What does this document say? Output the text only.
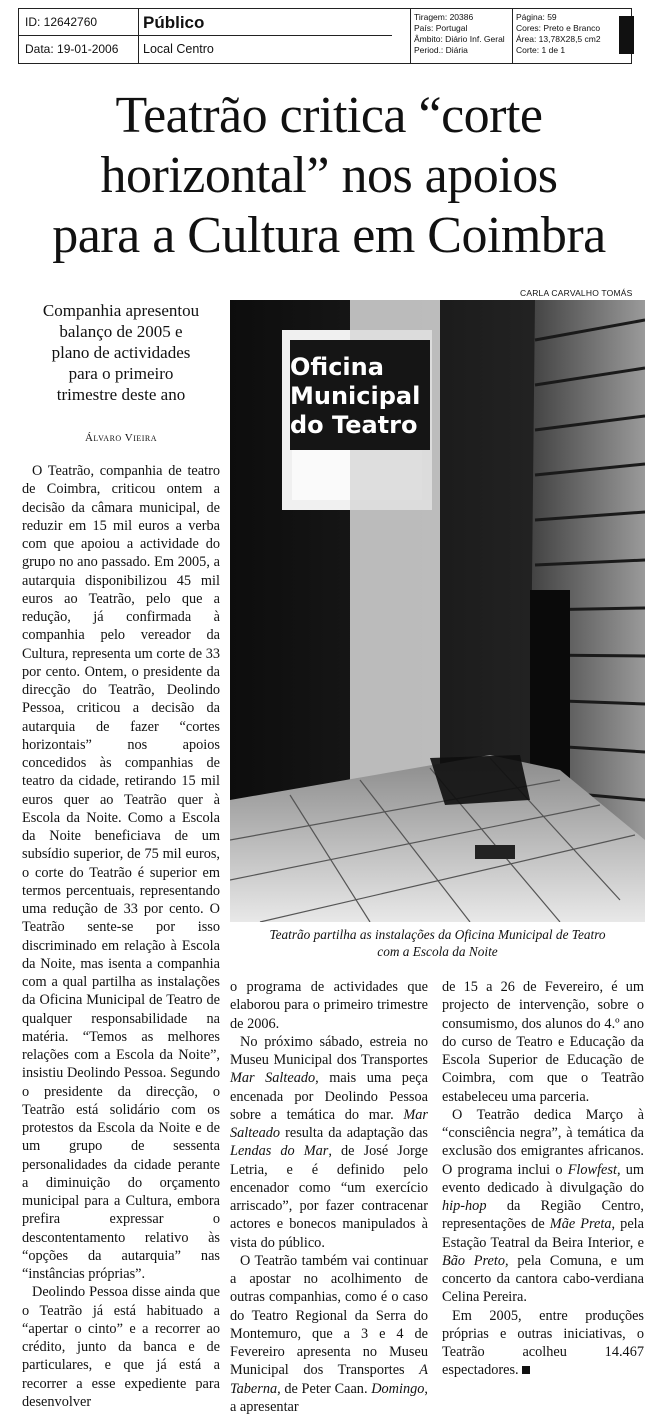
ID: 12642760
Data: 19-01-2006
Público
Local Centro
Tiragem: 20386
País: Portugal
Âmbito: Diário Inf. Geral
Period.: Diária
Página: 59
Cores: Preto e Branco
Área: 13,78X28,5 cm2
Corte: 1 de 1
Teatrão critica “corte
horizontal” nos apoios
para a Cultura em Coimbra
CARLA CARVALHO TOMÁS
Companhia apresentou
balanço de 2005 e
plano de actividades
para o primeiro
trimestre deste ano
Álvaro Vieira
Oficina
Municipal
do Teatro
Teatrão partilha as instalações da Oficina Municipal de Teatro
com a Escola da Noite

O Teatrão, companhia de teatro de Coimbra, criticou ontem a decisão da câmara municipal, de reduzir em 15 mil euros a verba com que apoiou a actividade do grupo no ano passado. Em 2005, a autarquia disponibilizou 45 mil euros ao Teatrão, pelo que a redução, já confirmada à companhia pelo vereador da Cultura, representa um corte de 33 por cento. Ontem, o presidente da direcção do Teatrão, Deolindo Pessoa, criticou a decisão da autarquia de fazer “cortes horizontais” nos apoios concedidos às companhias de teatro da cidade, retirando 15 mil euros quer ao Teatrão quer à Escola da Noite. Como a Escola da Noite beneficiava de um subsídio superior, de 75 mil euros, o corte do Teatrão é superior em termos percentuais, representando uma redução de 33 por cento. O Teatrão sente-se por isso discriminado em relação à Escola da Noite, mas isenta a companhia com a qual partilha as instalações da Oficina Municipal de Teatro de qualquer responsabilidade na matéria. “Temos as melhores relações com a Escola da Noite”, insistiu Deolindo Pessoa. Segundo o presidente da direcção, o Teatrão está solidário com os protestos da Escola da Noite e de um grupo de sessenta personalidades da cidade perante a diminuição do orçamento municipal para a Cultura, embora prefira expressar o descontentamento relativo às “opções da autarquia” nas “instâncias próprias”.

Deolindo Pessoa disse ainda que o Teatrão já está habituado a “apertar o cinto” e a recorrer ao crédito, junto da banca e de particulares, e que já está a recorrer a esse expediente para desenvolver

o programa de actividades que elaborou para o primeiro trimestre de 2006.

No próximo sábado, estreia no Museu Municipal dos Transportes Mar Salteado, mais uma peça encenada por Deolindo Pessoa sobre a temática do mar. Mar Salteado resulta da adaptação das Lendas do Mar, de José Jorge Letria, e é definido pelo encenador como “um exercício arriscado”, por fazer contracenar actores e bonecos manipulados à vista do público.

O Teatrão também vai continuar a apostar no acolhimento de outras companhias, como é o caso do Teatro Regional da Serra do Montemuro, que a 3 e 4 de Fevereiro apresenta no Museu Municipal dos Transportes A Taberna, de Peter Caan. Domingo, a apresentar

de 15 a 26 de Fevereiro, é um projecto de intervenção, sobre o consumismo, dos alunos do 4.º ano do curso de Teatro e Educação da Escola Superior de Educação de Coimbra, com que o Teatrão estabeleceu uma parceria.

O Teatrão dedica Março à “consciência negra”, à temática da exclusão dos emigrantes africanos. O programa inclui o Flowfest, um evento dedicado à divulgação do hip-hop da Região Centro, representações de Mãe Preta, pela Estação Teatral da Beira Interior, e Bão Preto, pela Comuna, e um concerto da cantora cabo-verdiana Celina Pereira.

Em 2005, entre produções próprias e outras iniciativas, o Teatrão acolheu 14.467 espectadores.
